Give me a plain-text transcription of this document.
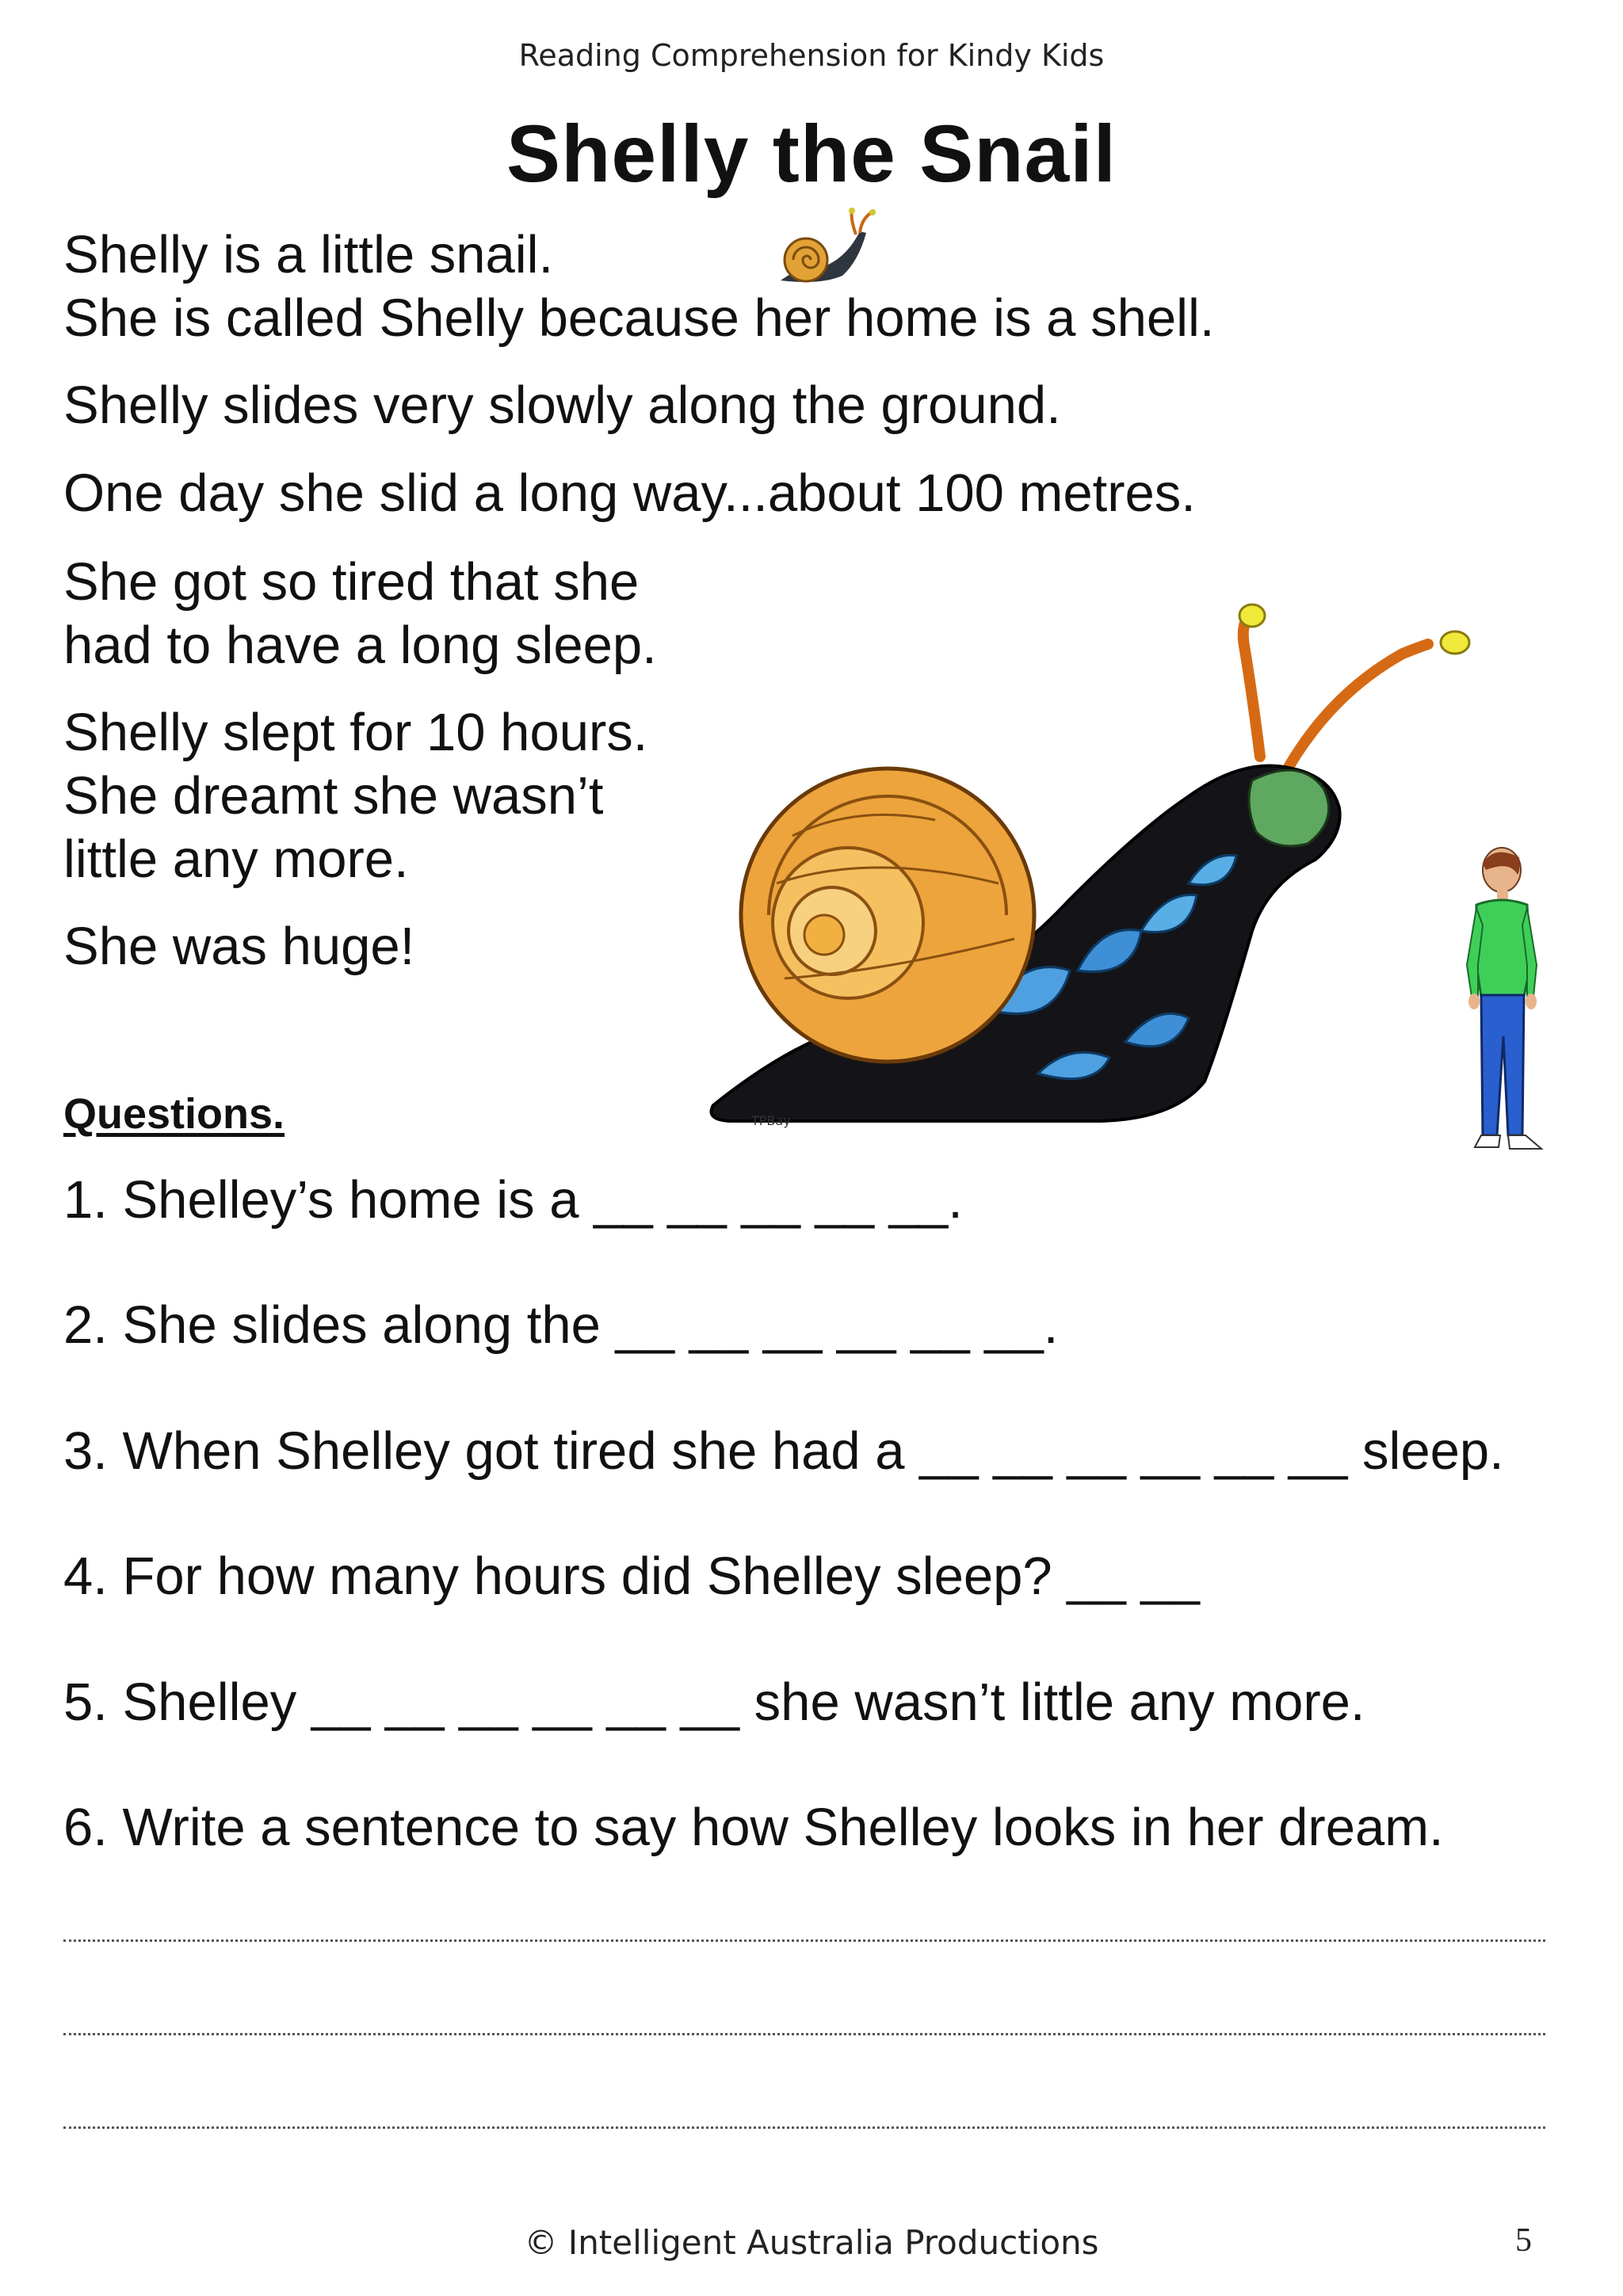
Reading Comprehension for Kindy Kids
Shelly the Snail
Shelly is a little snail.
She is called Shelly because her home is a shell.
Shelly slides very slowly along the ground.
One day she slid a long way...about 100 metres.
She got so tired that she
had to have a long sleep.
Shelly slept for 10 hours.
She dreamt she wasn’t
little any more.
She was huge!
TPBay
Questions.
1. Shelley’s home is a __ __ __ __ __.
2. She slides along the __ __ __ __ __ __.
3. When Shelley got tired she had a __ __ __ __ __ __ sleep.
4. For how many hours did Shelley sleep? __ __
5. Shelley __ __ __ __ __ __ she wasn’t little any more.
6. Write a sentence to say how Shelley looks in her dream.
© Intelligent Australia Productions	5
